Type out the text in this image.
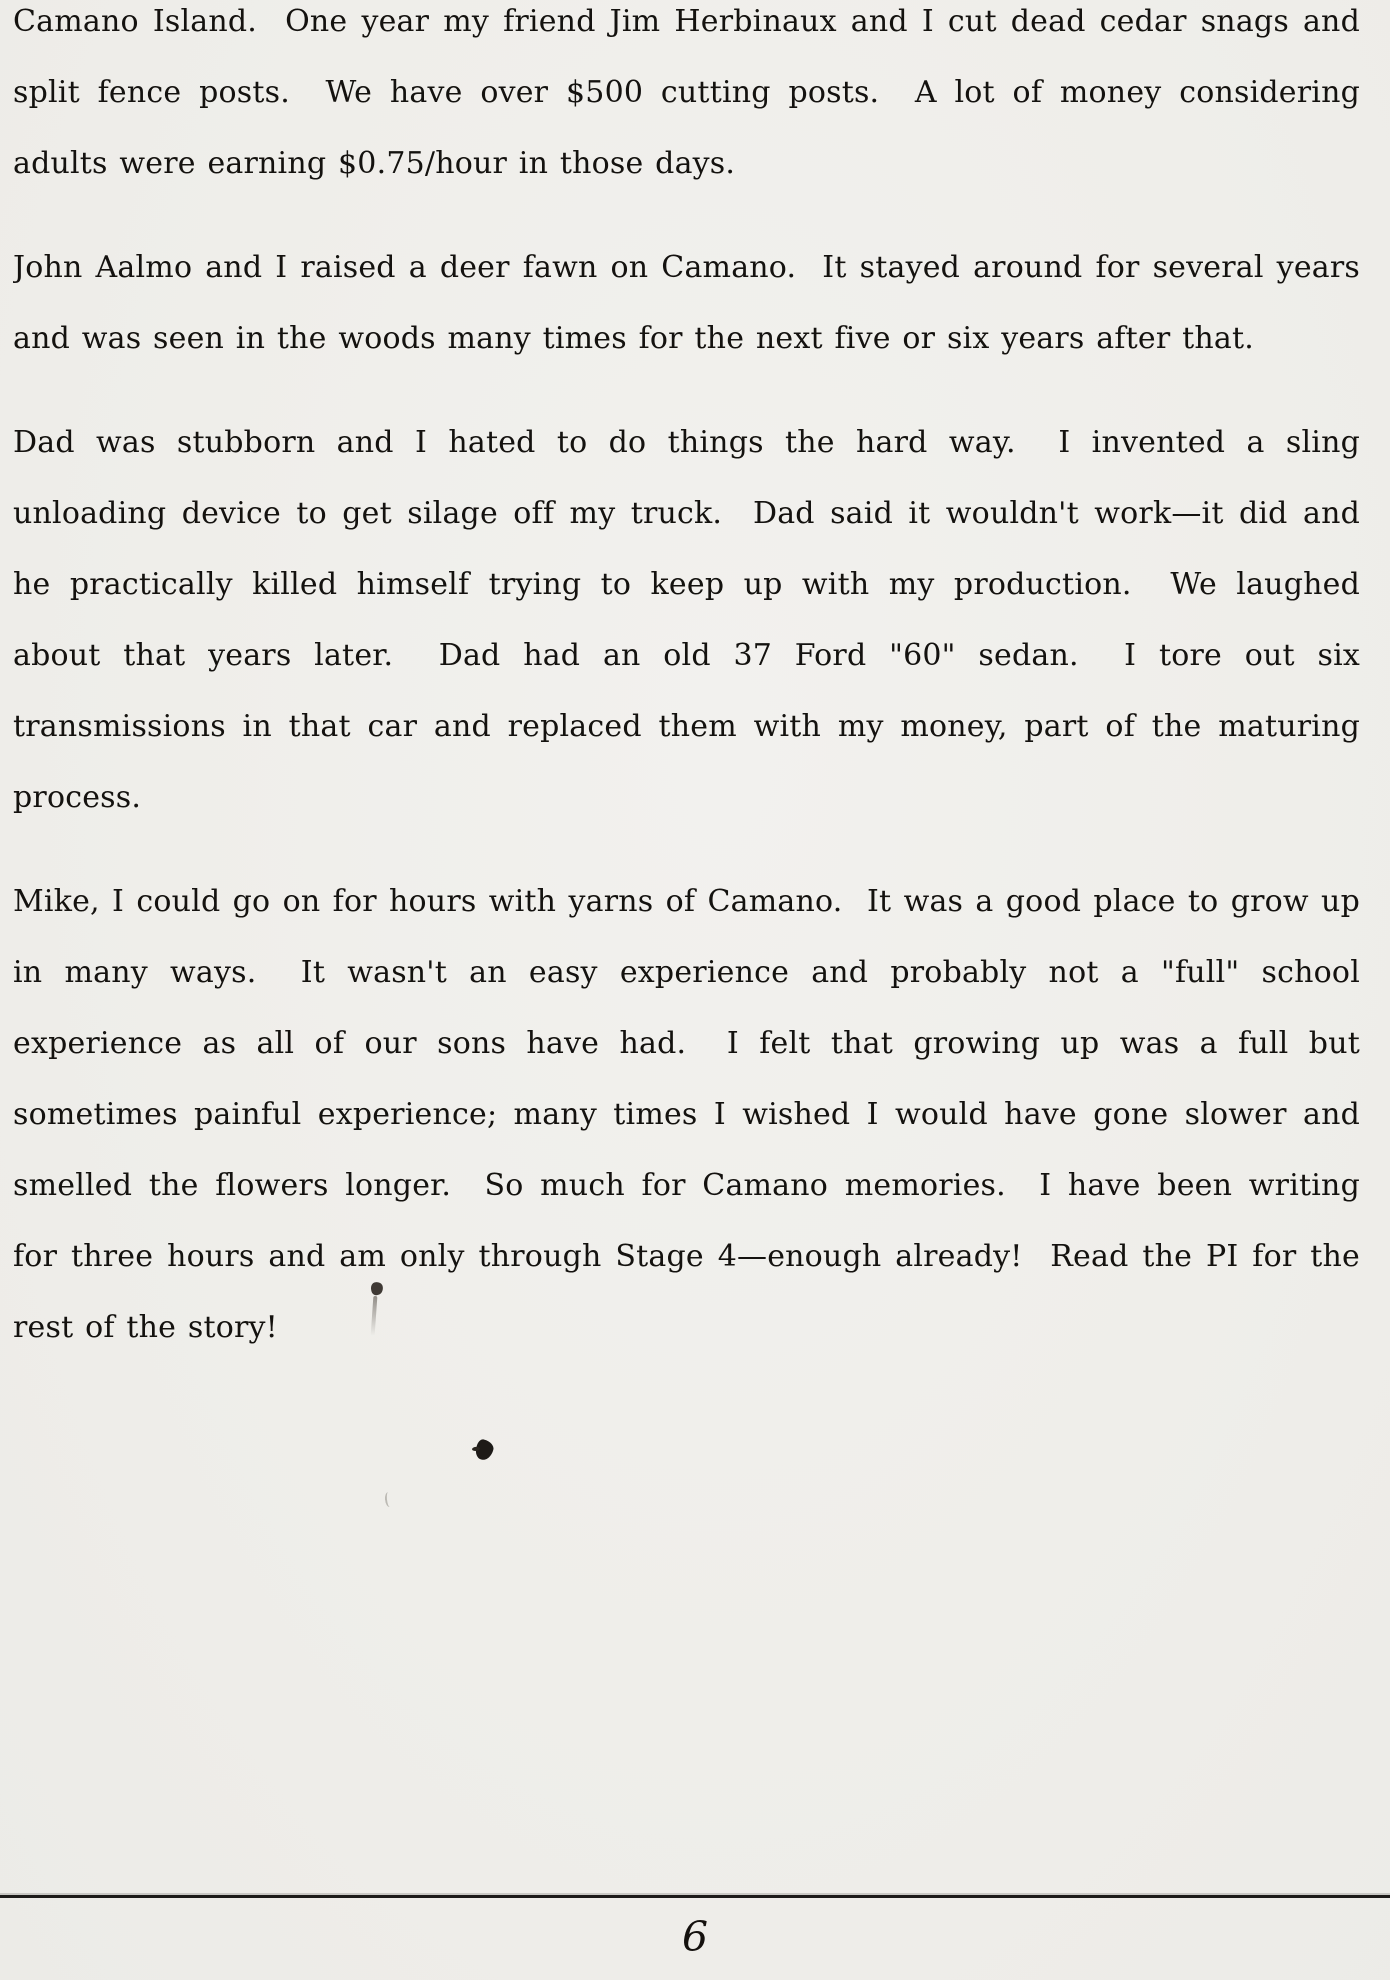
Camano Island.  One year my friend Jim Herbinaux and I cut dead cedar snags and
split fence posts.  We have over $500 cutting posts.  A lot of money considering
adults were earning $0.75/hour in those days.
John Aalmo and I raised a deer fawn on Camano.  It stayed around for several years
and was seen in the woods many times for the next five or six years after that.
Dad was stubborn and I hated to do things the hard way.  I invented a sling
unloading device to get silage off my truck.  Dad said it wouldn't work—it did and
he practically killed himself trying to keep up with my production.  We laughed
about that years later.  Dad had an old 37 Ford "60" sedan.  I tore out six
transmissions in that car and replaced them with my money, part of the maturing
process.
Mike, I could go on for hours with yarns of Camano.  It was a good place to grow up
in many ways.  It wasn't an easy experience and probably not a "full" school
experience as all of our sons have had.  I felt that growing up was a full but
sometimes painful experience; many times I wished I would have gone slower and
smelled the flowers longer.  So much for Camano memories.  I have been writing
for three hours and am only through Stage 4—enough already!  Read the PI for the
rest of the story!
6
